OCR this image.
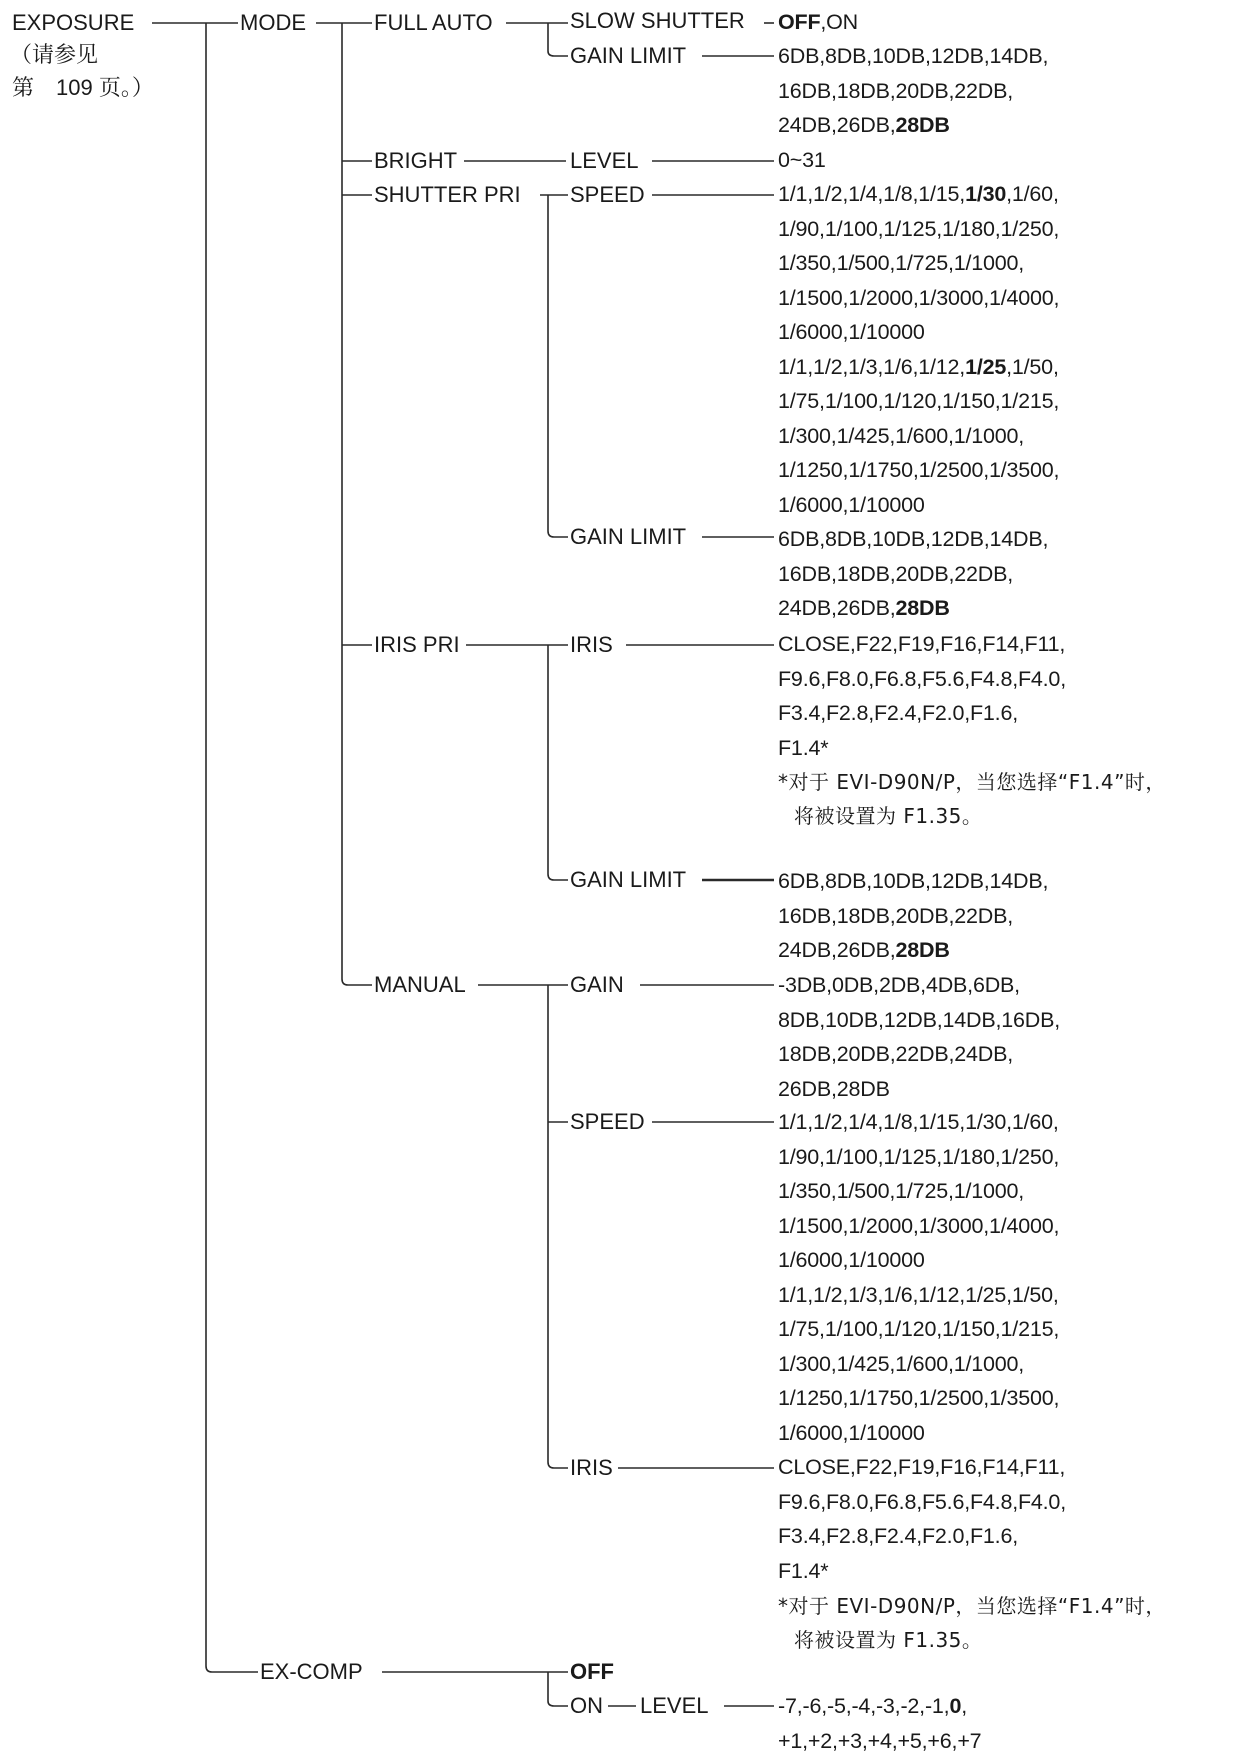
EXPOSURE
（请参见
第　109 页。）
MODE
EX-COMP
FULL AUTO
BRIGHT
SHUTTER PRI
IRIS PRI
MANUAL
SLOW SHUTTER
GAIN LIMIT
LEVEL
SPEED
GAIN LIMIT
IRIS
GAIN LIMIT
GAIN
SPEED
IRIS
OFF
ON LEVEL
OFF,ON
6DB,8DB,10DB,12DB,14DB,
16DB,18DB,20DB,22DB,
24DB,26DB,28DB
0~31
1/1,1/2,1/4,1/8,1/15,1/30,1/60,
1/90,1/100,1/125,1/180,1/250,
1/350,1/500,1/725,1/1000,
1/1500,1/2000,1/3000,1/4000,
1/6000,1/10000
1/1,1/2,1/3,1/6,1/12,1/25,1/50,
1/75,1/100,1/120,1/150,1/215,
1/300,1/425,1/600,1/1000,
1/1250,1/1750,1/2500,1/3500,
1/6000,1/10000
6DB,8DB,10DB,12DB,14DB,
16DB,18DB,20DB,22DB,
24DB,26DB,28DB
CLOSE,F22,F19,F16,F14,F11,
F9.6,F8.0,F6.8,F5.6,F4.8,F4.0,
F3.4,F2.8,F2.4,F2.0,F1.6,
F1.4*
*对于 EVI-D90N/P，当您选择“F1.4”时，
将被设置为 F1.35。
6DB,8DB,10DB,12DB,14DB,
16DB,18DB,20DB,22DB,
24DB,26DB,28DB
-3DB,0DB,2DB,4DB,6DB,
8DB,10DB,12DB,14DB,16DB,
18DB,20DB,22DB,24DB,
26DB,28DB
1/1,1/2,1/4,1/8,1/15,1/30,1/60,
1/90,1/100,1/125,1/180,1/250,
1/350,1/500,1/725,1/1000,
1/1500,1/2000,1/3000,1/4000,
1/6000,1/10000
1/1,1/2,1/3,1/6,1/12,1/25,1/50,
1/75,1/100,1/120,1/150,1/215,
1/300,1/425,1/600,1/1000,
1/1250,1/1750,1/2500,1/3500,
1/6000,1/10000
CLOSE,F22,F19,F16,F14,F11,
F9.6,F8.0,F6.8,F5.6,F4.8,F4.0,
F3.4,F2.8,F2.4,F2.0,F1.6,
F1.4*
*对于 EVI-D90N/P，当您选择“F1.4”时，
将被设置为 F1.35。
-7,-6,-5,-4,-3,-2,-1,0,
+1,+2,+3,+4,+5,+6,+7
